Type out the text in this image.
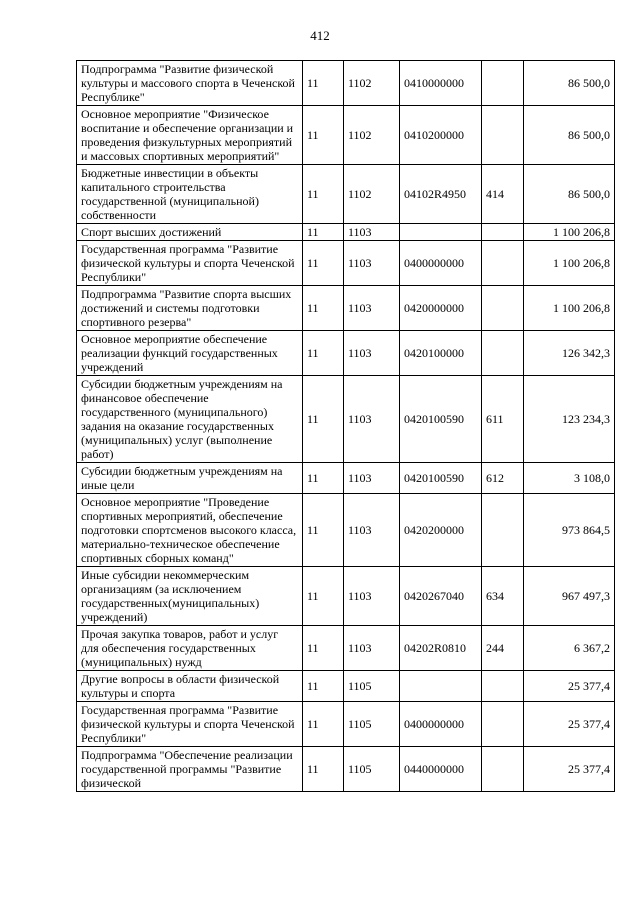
412
Подпрограмма "Развитие физической культуры и массового спорта в Чеченской Республике"	11	1102	0410000000		86 500,0
Основное мероприятие "Физическое воспитание и обеспечение организации и проведения физкультурных мероприятий и массовых спортивных мероприятий"	11	1102	0410200000		86 500,0
Бюджетные инвестиции в объекты капитального строительства государственной (муниципальной) собственности	11	1102	04102R4950	414	86 500,0
Спорт высших достижений	11	1103			1 100 206,8
Государственная программа "Развитие физической культуры и спорта Чеченской Республики"	11	1103	0400000000		1 100 206,8
Подпрограмма "Развитие спорта высших достижений и системы подготовки спортивного резерва"	11	1103	0420000000		1 100 206,8
Основное мероприятие обеспечение реализации функций государственных учреждений	11	1103	0420100000		126 342,3
Субсидии бюджетным учреждениям на финансовое обеспечение государственного (муниципального) задания на оказание государственных (муниципальных) услуг (выполнение работ)	11	1103	0420100590	611	123 234,3
Субсидии бюджетным учреждениям на иные цели	11	1103	0420100590	612	3 108,0
Основное мероприятие "Проведение спортивных мероприятий, обеспечение подготовки спортсменов высокого класса, материально-техническое обеспечение спортивных сборных команд"	11	1103	0420200000		973 864,5
Иные субсидии некоммерческим организациям (за исключением государственных(муниципальных) учреждений)	11	1103	0420267040	634	967 497,3
Прочая закупка товаров, работ и услуг для обеспечения государственных (муниципальных) нужд	11	1103	04202R0810	244	6 367,2
Другие вопросы в области физической культуры и спорта	11	1105			25 377,4
Государственная программа "Развитие физической культуры и спорта Чеченской Республики"	11	1105	0400000000		25 377,4
Подпрограмма "Обеспечение реализации государственной программы "Развитие физической	11	1105	0440000000		25 377,4
